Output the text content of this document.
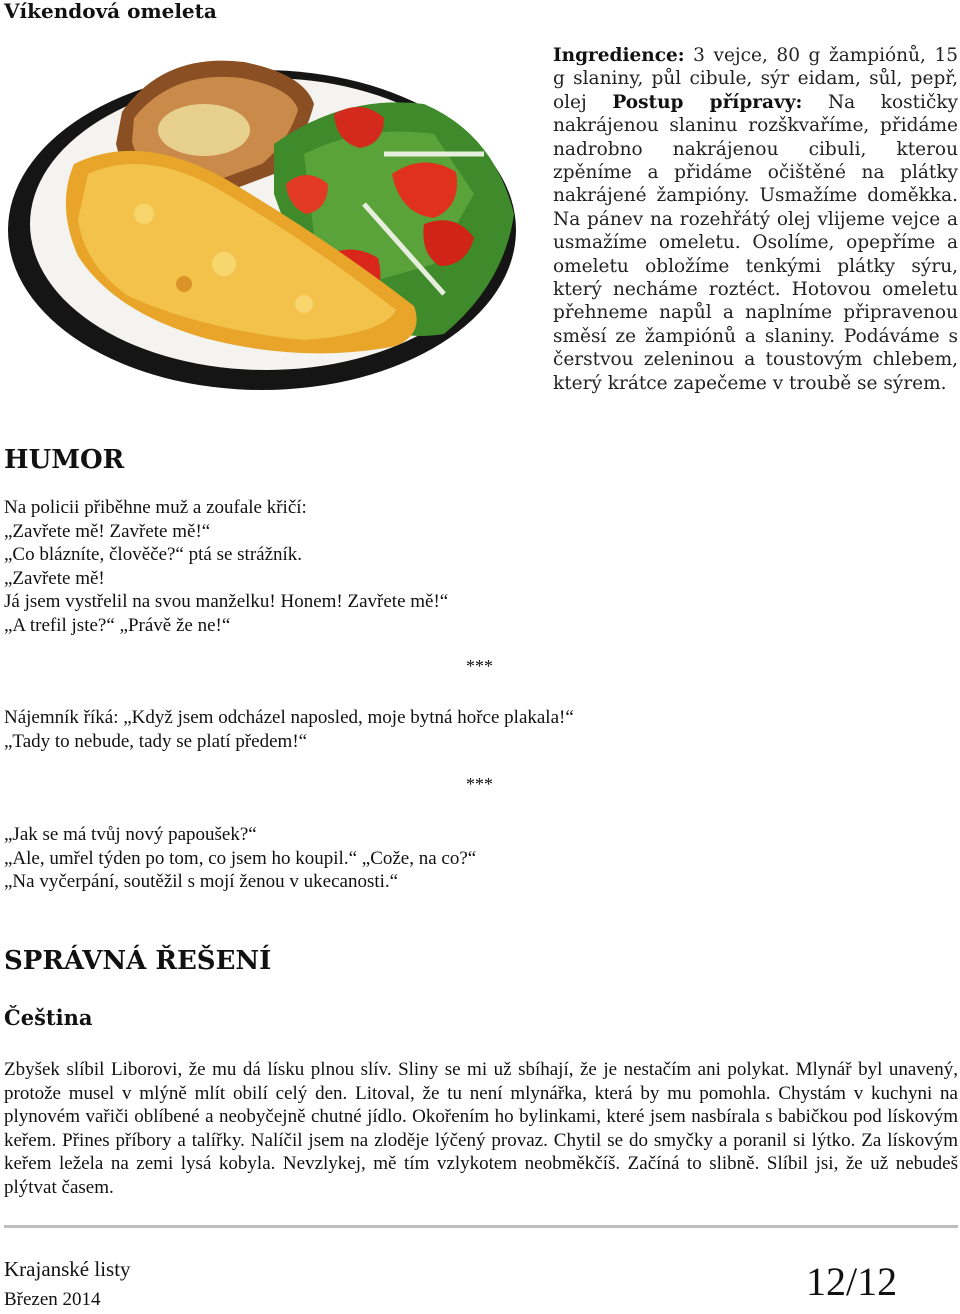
Víkendová omeleta
Ingredience: 3 vejce, 80 g žampiónů, 15 g slaniny, půl cibule, sýr eidam, sůl, pepř, olej Postup přípravy: Na kostičky nakrájenou slaninu rozškvaříme, přidáme nadrobno nakrájenou cibuli, kterou zpěníme a přidáme očištěné na plátky nakrájené žampióny. Usmažíme doměkka. Na pánev na rozehřátý olej vlijeme vejce a usmažíme omeletu. Osolíme, opepříme a omeletu obložíme tenkými plátky sýru, který necháme roztéct. Hotovou omeletu přehneme napůl a naplníme připravenou směsí ze žampiónů a slaniny. Podáváme s čerstvou zeleninou a toustovým chlebem, který krátce zapečeme v troubě se sýrem.
HUMOR
Na policii přiběhne muž a zoufale křičí:
„Zavřete mě! Zavřete mě!“
„Co blázníte, člověče?“ ptá se strážník.
„Zavřete mě!
Já jsem vystřelil na svou manželku! Honem! Zavřete mě!“
„A trefil jste?“ „Právě že ne!“
***
Nájemník říká: „Když jsem odcházel naposled, moje bytná hořce plakala!“
„Tady to nebude, tady se platí předem!“
***
„Jak se má tvůj nový papoušek?“
„Ale, umřel týden po tom, co jsem ho koupil.“ „Cože, na co?“
„Na vyčerpání, soutěžil s mojí ženou v ukecanosti.“
SPRÁVNÁ ŘEŠENÍ
Čeština
Zbyšek slíbil Liborovi, že mu dá lísku plnou slív. Sliny se mi už sbíhají, že je nestačím ani polykat. Mlynář byl unavený, protože musel v mlýně mlít obilí celý den. Litoval, že tu není mlynářka, která by mu pomohla. Chystám v kuchyni na plynovém vařiči oblíbené a neobyčejně chutné jídlo. Okořením ho bylinkami, které jsem nasbírala s babičkou pod lískovým keřem. Přines příbory a talířky. Nalíčil jsem na zloděje lýčený provaz. Chytil se do smyčky a poranil si lýtko. Za lískovým keřem ležela na zemi lysá kobyla. Nevzlykej, mě tím vzlykotem neobměkčíš. Začíná to slibně. Slíbil jsi, že už nebudeš plýtvat časem.
Krajanské listy
Březen 2014	12/12
